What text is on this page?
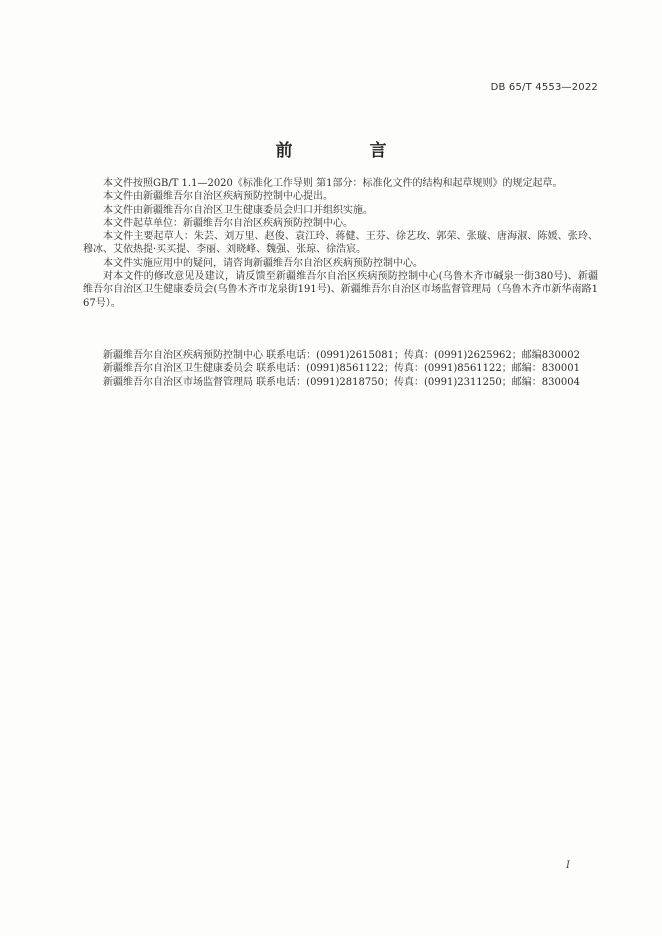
DB 65/T 4553—2022
前　言

本文件按照GB/T 1.1—2020《标准化工作导则 第1部分：标准化文件的结构和起草规则》的规定起草。

本文件由新疆维吾尔自治区疾病预防控制中心提出。

本文件由新疆维吾尔自治区卫生健康委员会归口并组织实施。

本文件起草单位：新疆维吾尔自治区疾病预防控制中心。

本文件主要起草人：朱芸、刘万里、赵俊、袁江玲、蒋健、王芬、徐艺玫、郭荣、张璇、唐海淑、陈媛、张玲、穆冰、艾依热提·买买提、李丽、刘晓峰、魏强、张琼、徐浩宸。

本文件实施应用中的疑问，请咨询新疆维吾尔自治区疾病预防控制中心。

对本文件的修改意见及建议，请反馈至新疆维吾尔自治区疾病预防控制中心(乌鲁木齐市碱泉一街380号)、新疆维吾尔自治区卫生健康委员会(乌鲁木齐市龙泉街191号)、新疆维吾尔自治区市场监督管理局（乌鲁木齐市新华南路167号）。

新疆维吾尔自治区疾病预防控制中心 联系电话：(0991)2615081；传真：(0991)2625962；邮编830002
新疆维吾尔自治区卫生健康委员会 联系电话：(0991)8561122；传真：(0991)8561122；邮编：830001
新疆维吾尔自治区市场监督管理局 联系电话：(0991)2818750；传真：(0991)2311250；邮编：830004
I
